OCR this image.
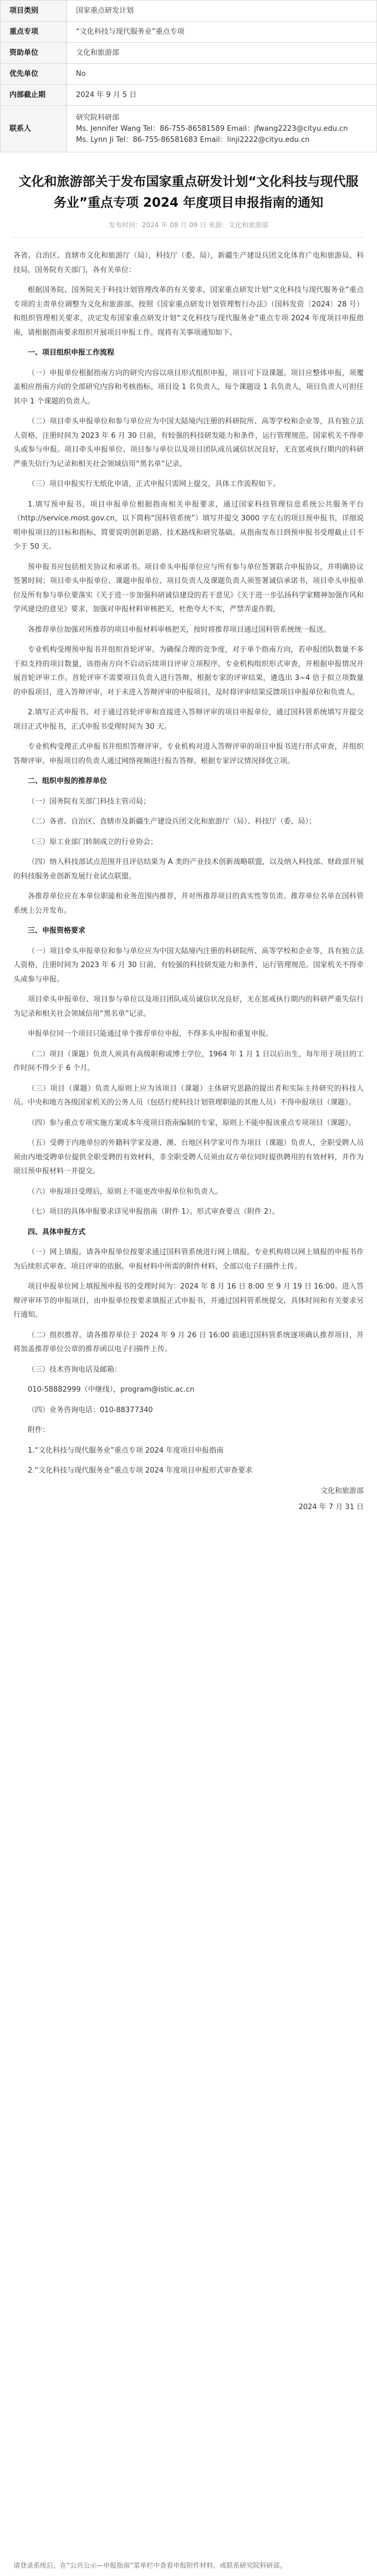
项目类别	国家重点研发计划
重点专项	“文化科技与现代服务业”重点专项
资助单位	文化和旅游部
优先单位	No
内部截止期	2024 年 9 月 5 日
联系人	研究院科研部
Ms. Jennifer Wang Tel：86-755-86581589 Email：jfwang2223@cityu.edu.cn
Ms. Lynn Ji Tel：86-755-86581683 Email：linji2222@cityu.edu.cn
文化和旅游部关于发布国家重点研发计划“文化科技与现代服务业”重点专项 2024 年度项目申报指南的通知
发布时间：2024 年 08 月 09 日 来源：文化和旅游部

各省、自治区、直辖市文化和旅游厅（局），科技厅（委、局），新疆生产建设兵团文化体育广电和旅游局、科技局，国务院有关部门，各有关单位：

根据国务院、国务院关于科技计划管理改革的有关要求，国家重点研发计划“文化科技与现代服务业”重点专项的主责单位调整为文化和旅游部。按照《国家重点研发计划管理暂行办法》（国科发资〔2024〕28 号）和组织管理相关要求，决定发布国家重点研发计划“文化科技与现代服务业”重点专项 2024 年度项目申报指南，请根据指南要求组织开展项目申报工作。现将有关事项通知如下。

一、项目组织申报工作流程

（一）申报单位根据指南方向的研究内容以项目形式组织申报，项目可下设课题。项目应整体申报，须覆盖相应指南方向的全部研究内容和考核指标。项目设 1 名负责人，每个课题设 1 名负责人，项目负责人可担任其中 1 个课题的负责人。

（二）项目牵头申报单位和参与单位应为中国大陆境内注册的科研院所、高等学校和企业等，具有独立法人资格，注册时间为 2023 年 6 月 30 日前，有较强的科技研发能力和条件，运行管理规范。国家机关不得牵头或参与申报。项目牵头申报单位、项目参与单位以及项目团队成员诚信状况良好，无在惩戒执行期内的科研严重失信行为记录和相关社会领域信用“黑名单”记录。

（三）项目申报实行无纸化申请，正式申报只需网上提交，具体工作流程如下。

1.填写预申报书。项目申报单位根据指南相关申报要求，通过国家科技管理信息系统公共服务平台（http://service.most.gov.cn，以下简称“国科管系统”）填写并提交 3000 字左右的项目预申报书，详细说明申报项目的目标和指标，简要说明创新思路、技术路线和研究基础。从指南发布日到预申报书受理截止日不少于 50 天。

预申报书应包括相关协议和承诺书。项目牵头申报单位应与所有参与单位签署联合申报协议，并明确协议签署时间；项目牵头申报单位、课题申报单位、项目负责人及课题负责人须签署诚信承诺书，项目牵头申报单位及所有参与单位要落实《关于进一步加强科研诚信建设的若干意见》《关于进一步弘扬科学家精神加强作风和学风建设的意见》要求，加强对申报材料审核把关，杜绝夸大不实，严禁弄虚作假。

各推荐单位加强对所推荐的项目申报材料审核把关，按时将推荐项目通过国科管系统统一报送。

专业机构受理预申报书并组织首轮评审。为确保合理的竞争度，对于单个指南方向，若申报团队数量不多于拟支持的项目数量，该指南方向不启动后续项目评审立项程序。专业机构组织形式审查，并根据申报情况开展首轮评审工作。首轮评审不需要项目负责人进行答辩。根据专家的评审结果，遴选出 3~4 倍于拟立项数量的申报项目，进入答辩评审。对于未进入答辩评审的申报项目，及时将评审结果反馈项目申报单位和负责人。

2.填写正式申报书。对于通过首轮评审和直接进入答辩评审的项目申报单位，通过国科管系统填写并提交项目正式申报书，正式申报书受理时间为 30 天。

专业机构受理正式申报书并组织答辩评审。专业机构对进入答辩评审的项目申报书进行形式审查，并组织答辩评审。申报项目的负责人通过网络视频进行报告答辩。根据专家评议情况择优立项。

二、组织申报的推荐单位

（一）国务院有关部门科技主管司局；

（二）各省、自治区、直辖市及新疆生产建设兵团文化和旅游厅（局）、科技厅（委、局）；

（三）原工业部门转制成立的行业协会；

（四）纳入科技部试点范围并且评估结果为 A 类的产业技术创新战略联盟，以及纳入科技部、财政部开展的科技服务业创新发展行业试点联盟。

各推荐单位应在本单位职能和业务范围内推荐，并对所推荐项目的真实性等负责。推荐单位名单在国科管系统上公开发布。

三、申报资格要求

（一）项目牵头申报单位和参与单位应为中国大陆境内注册的科研院所、高等学校和企业等，具有独立法人资格，注册时间为 2023 年 6 月 30 日前，有较强的科技研发能力和条件，运行管理规范。国家机关不得牵头或参与申报。

项目牵头申报单位、项目参与单位以及项目团队成员诚信状况良好，无在惩戒执行期内的科研严重失信行为记录和相关社会领域信用“黑名单”记录。

申报单位同一个项目只能通过单个推荐单位申报，不得多头申报和重复申报。

（二）项目（课题）负责人须具有高级职称或博士学位，1964 年 1 月 1 日以后出生，每年用于项目的工作时间不得少于 6 个月。

（三）项目（课题）负责人原则上应为该项目（课题）主体研究思路的提出者和实际主持研究的科技人员。中央和地方各级国家机关的公务人员（包括行使科技计划管理职能的其他人员）不得申报项目（课题）。

（四）参与重点专项实施方案或本年度项目指南编制的专家，原则上不能申报该重点专项项目（课题）。

（五）受聘于内地单位的外籍科学家及港、澳、台地区科学家可作为项目（课题）负责人，全职受聘人员须由内地受聘单位提供全职受聘的有效材料，非全职受聘人员须由双方单位同时提供聘用的有效材料，并作为项目预申报材料一并提交。

（六）申报项目受理后，原则上不能更改申报单位和负责人。

（七）项目的具体申报要求详见申报指南（附件 1）。形式审查要点（附件 2）。

四、具体申报方式

（一）网上填报。请各申报单位按要求通过国科管系统进行网上填报。专业机构将以网上填报的申报书作为后续形式审查、项目评审的依据。申报材料中所需的附件材料，全部以电子扫描件上传。

项目申报单位网上填报预申报书的受理时间为：2024 年 8 月 16 日 8:00 至 9 月 19 日 16:00。进入答辩评审环节的申报项目，由申报单位按要求填报正式申报书，并通过国科管系统提交，具体时间和有关要求另行通知。

（二）组织推荐。请各推荐单位于 2024 年 9 月 26 日 16:00 前通过国科管系统逐项确认推荐项目，并将加盖推荐单位公章的推荐函以电子扫描件上传。

（三）技术咨询电话及邮箱：

010-58882999（中继线），program@istic.ac.cn

（四）业务咨询电话：010-88377340

附件：

1.“文化科技与现代服务业”重点专项 2024 年度项目申报指南

2.“文化科技与现代服务业”重点专项 2024 年度项目申报形式审查要求

文化和旅游部

2024 年 7 月 31 日

请登录系统后，在“公共公示—申报指南”菜单栏中查看申报附件材料，或联系研究院科研部。
